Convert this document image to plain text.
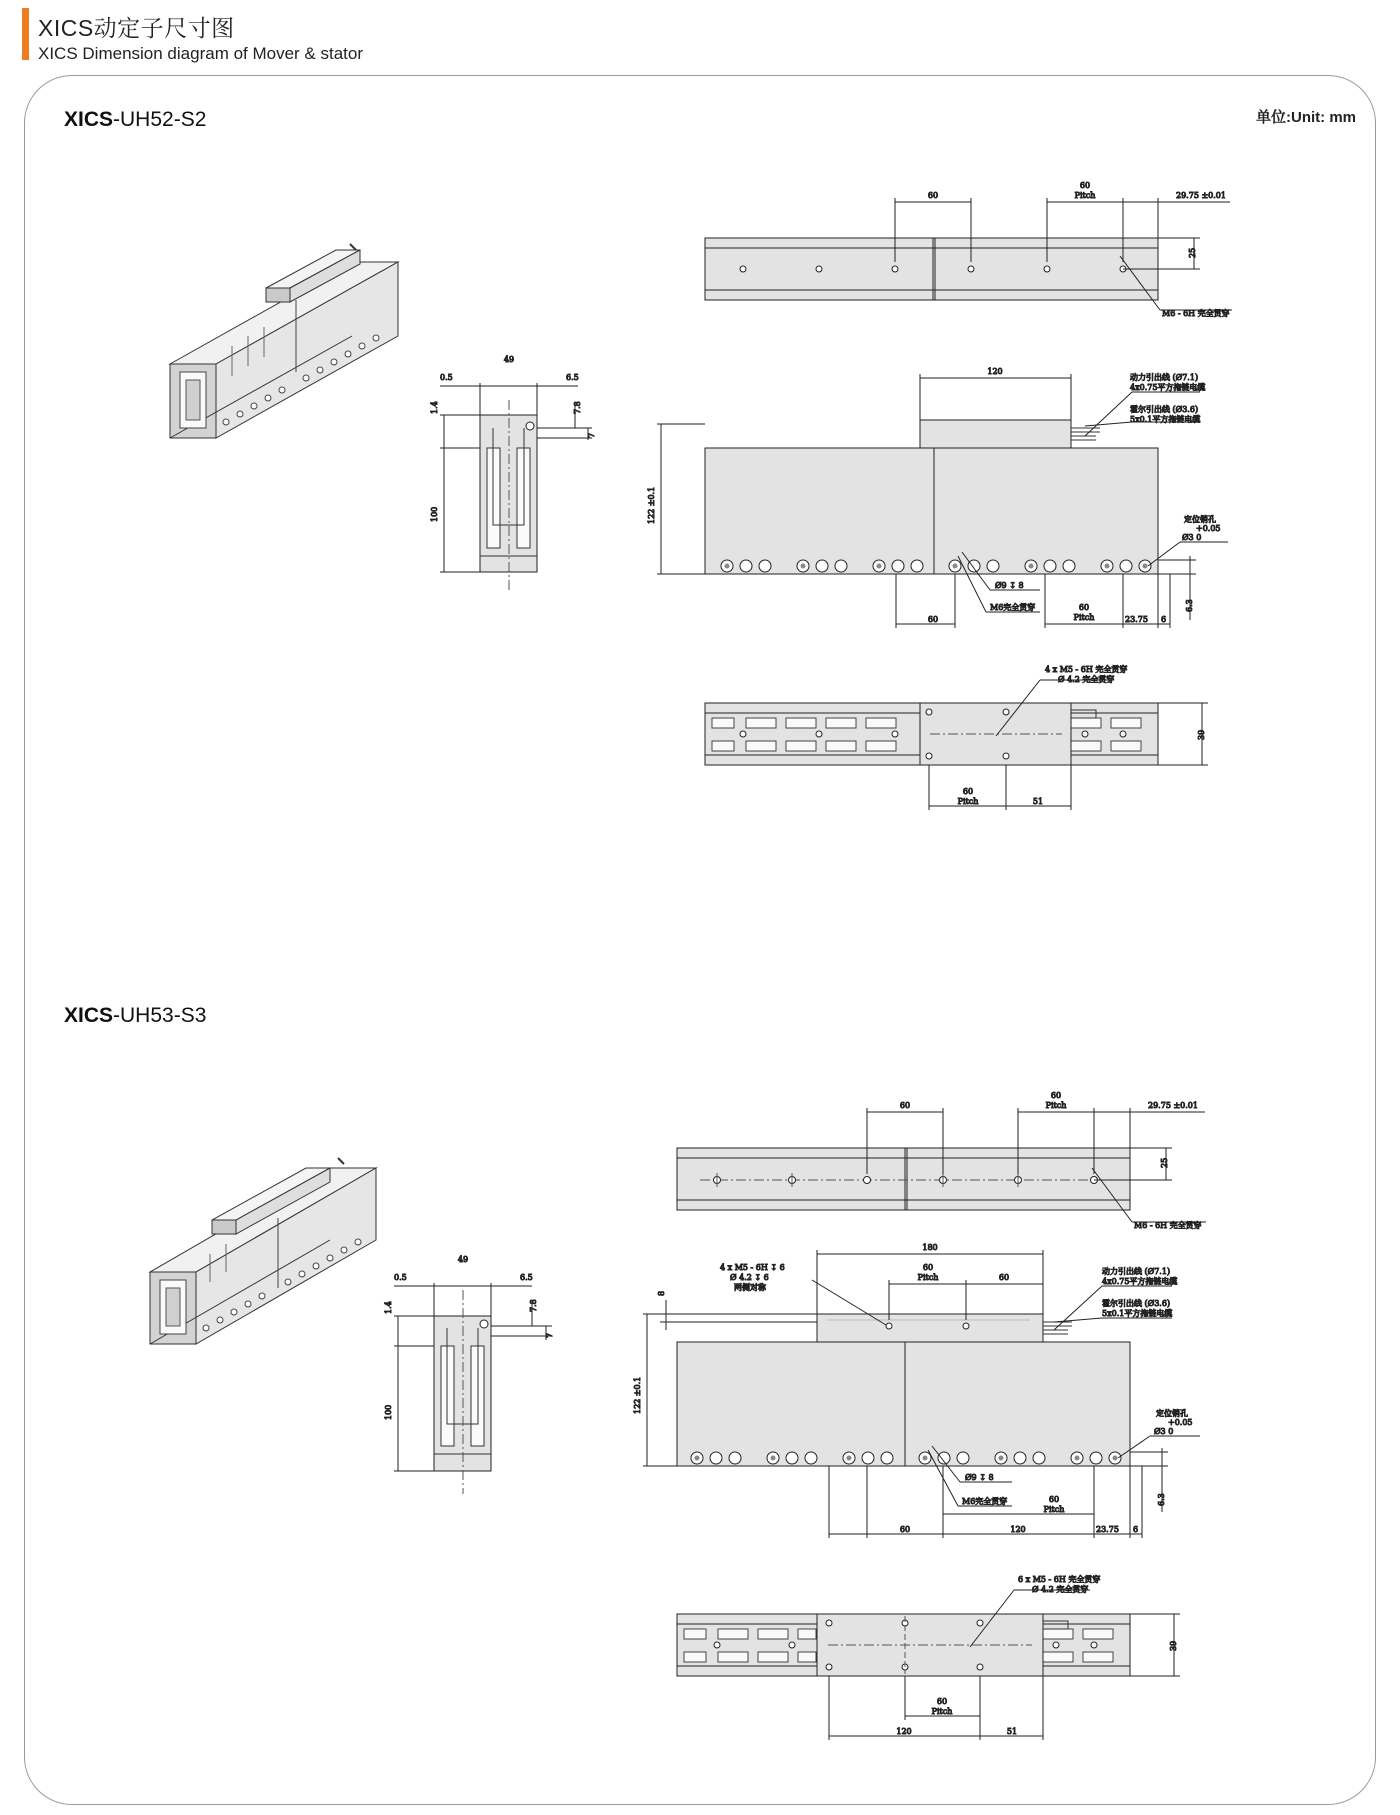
XICS动定子尺寸图
XICS Dimension diagram of Mover & stator
单位:Unit: mm
XICS-UH52-S2
XICS-UH53-S3
49
0.5	6.5
1.4
100
7.8
7
60
60
Pitch	29.75 ±0.01
25
M6 - 6H 完全贯穿
120
122 ±0.1
动力引出线 (Ø7.1)
4x0.75平方拖链电缆
霍尔引出线 (Ø3.6)
5x0.1平方拖链电缆
定位销孔
+0.05
Ø3 0
Ø9 ↧ 8
M6完全贯穿
60
60
Pitch	23.75 6
6.3
4 x M5 - 6H 完全贯穿
Ø 4.2 完全贯穿
39
60
Pitch	51
49
0.5	6.5
1.4
100
7.8
7
60
60
Pitch	29.75 ±0.01
25
M6 - 6H 完全贯穿
180
60
Pitch	60
8
4 x M5 - 6H ↧ 6
Ø 4.2 ↧ 6
两侧对称
122 ±0.1
动力引出线 (Ø7.1)
4x0.75平方拖链电缆
霍尔引出线 (Ø3.6)
5x0.1平方拖链电缆
定位销孔
+0.05
Ø3 0
Ø9 ↧ 8
M6完全贯穿
60	120
60
Pitch
23.75 6
6.3
6 x M5 - 6H 完全贯穿
Ø 4.2 完全贯穿
39
60
Pitch
120	51
